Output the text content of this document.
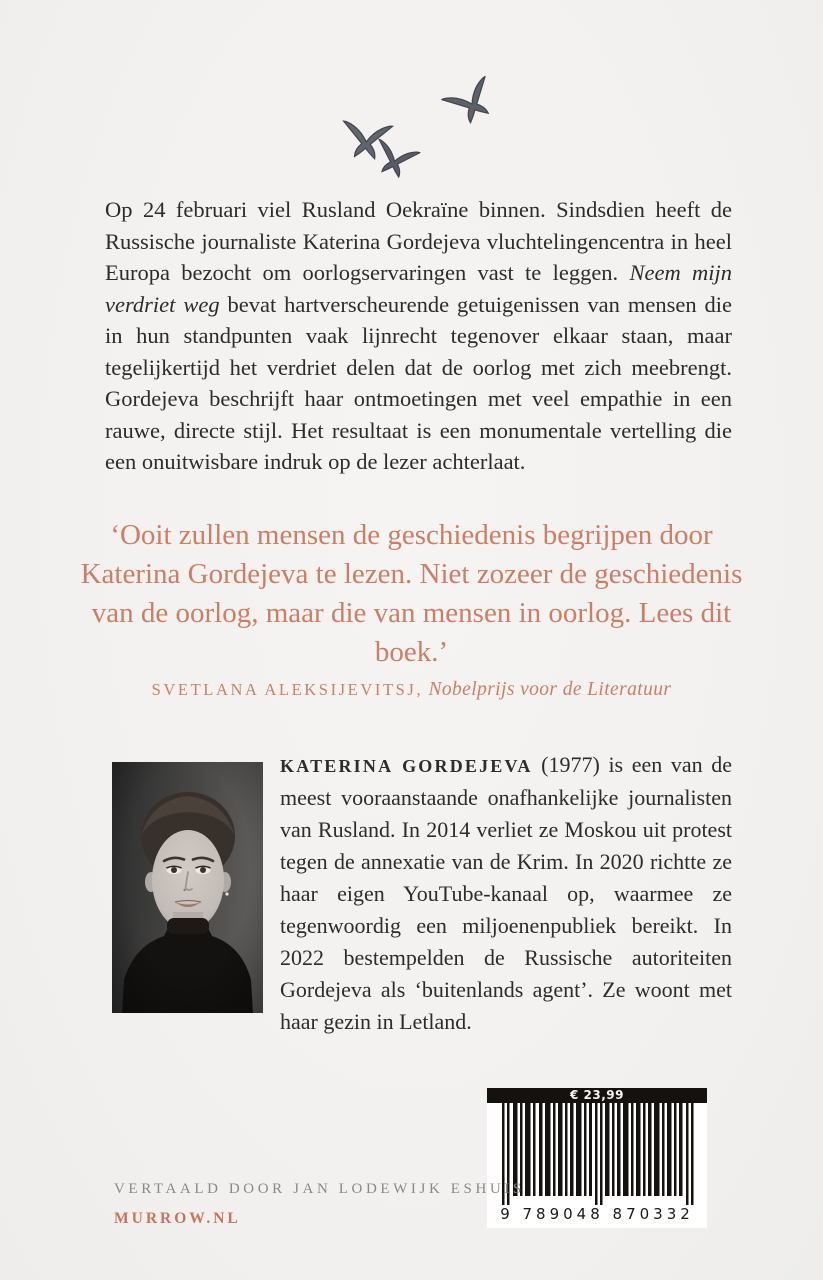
Op 24 februari viel Rusland Oekraïne binnen. Sindsdien heeft de Russische journaliste Katerina Gordejeva vluchtelingencentra in heel Europa bezocht om oorlogservaringen vast te leggen. Neem mijn verdriet weg bevat hartverscheurende getuigenissen van mensen die in hun standpunten vaak lijnrecht tegenover elkaar staan, maar tegelijkertijd het verdriet delen dat de oorlog met zich meebrengt. Gordejeva beschrijft haar ontmoetingen met veel empathie in een rauwe, directe stijl. Het resultaat is een monumentale vertelling die een onuitwisbare indruk op de lezer achterlaat.

‘Ooit zullen mensen de geschiedenis begrijpen door Katerina Gordejeva te lezen. Niet zozeer de geschiedenis van de oorlog, maar die van mensen in oorlog. Lees dit boek.’
SVETLANA ALEKSIJEVITSJ, Nobelprijs voor de Literatuur

KATERINA GORDEJEVA (1977) is een van de meest vooraanstaande onafhankelijke journalisten van Rusland. In 2014 verliet ze Moskou uit protest tegen de annexatie van de Krim. In 2020 richtte ze haar eigen YouTube-kanaal op, waarmee ze tegenwoordig een miljoenenpubliek bereikt. In 2022 bestempelden de Russische autoriteiten Gordejeva als ‘buitenlands agent’. Ze woont met haar gezin in Letland.

€ 23,99
9 789048 870332
VERTAALD DOOR JAN LODEWIJK ESHUIS
MURROW.NL
